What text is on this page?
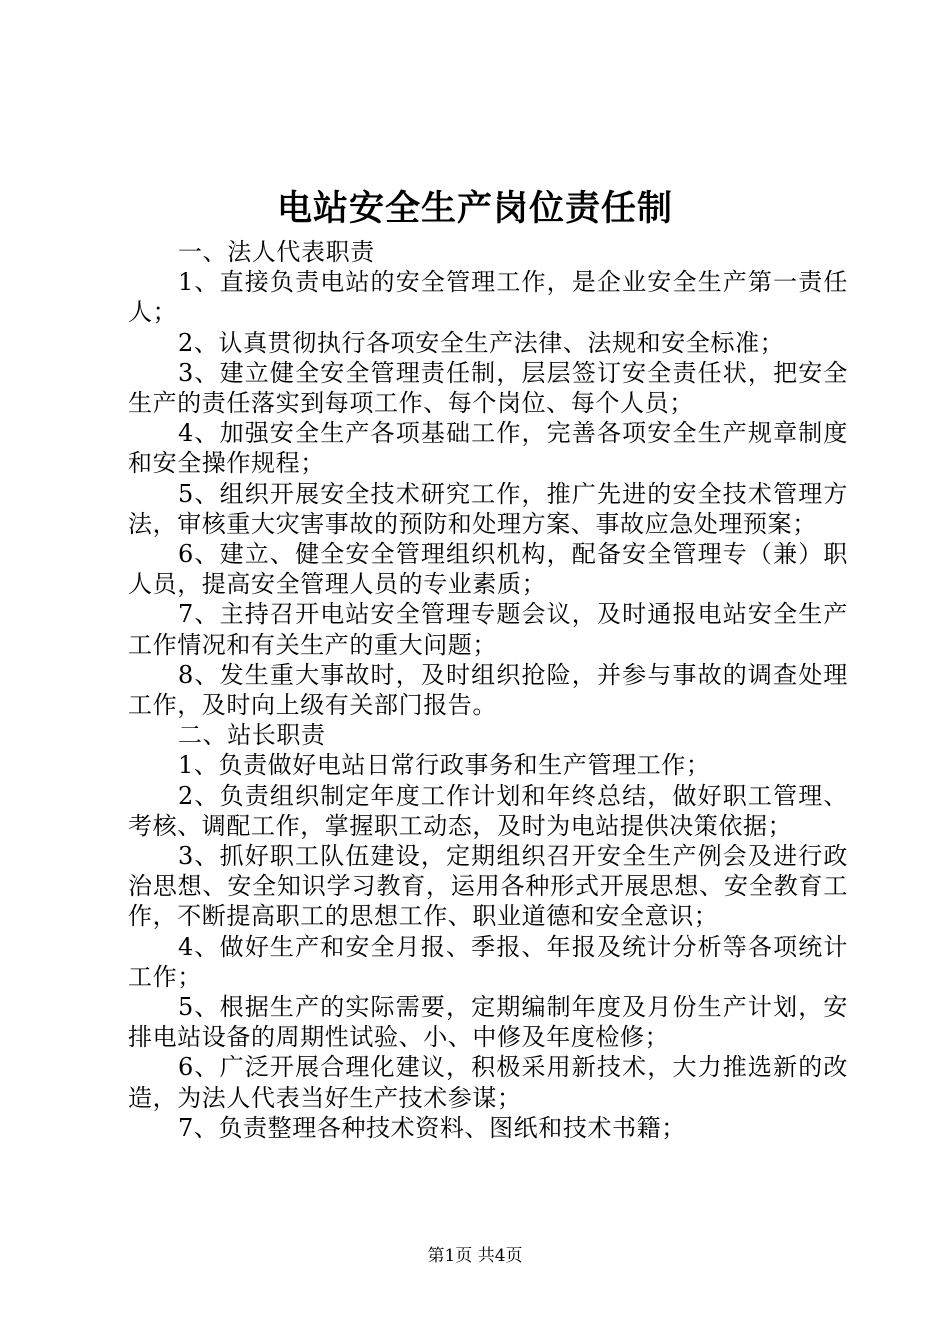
电站安全生产岗位责任制

一、法人代表职责

1、直接负责电站的安全管理工作，是企业安全生产第一责任人；

2、认真贯彻执行各项安全生产法律、法规和安全标准；

3、建立健全安全管理责任制，层层签订安全责任状，把安全生产的责任落实到每项工作、每个岗位、每个人员；

4、加强安全生产各项基础工作，完善各项安全生产规章制度和安全操作规程；

5、组织开展安全技术研究工作，推广先进的安全技术管理方法，审核重大灾害事故的预防和处理方案、事故应急处理预案；

6、建立、健全安全管理组织机构，配备安全管理专（兼）职人员，提高安全管理人员的专业素质；

7、主持召开电站安全管理专题会议，及时通报电站安全生产工作情况和有关生产的重大问题；

8、发生重大事故时，及时组织抢险，并参与事故的调查处理工作，及时向上级有关部门报告。

二、站长职责

1、负责做好电站日常行政事务和生产管理工作；

2、负责组织制定年度工作计划和年终总结，做好职工管理、考核、调配工作，掌握职工动态，及时为电站提供决策依据；

3、抓好职工队伍建设，定期组织召开安全生产例会及进行政治思想、安全知识学习教育，运用各种形式开展思想、安全教育工作，不断提高职工的思想工作、职业道德和安全意识；

4、做好生产和安全月报、季报、年报及统计分析等各项统计工作；

5、根据生产的实际需要，定期编制年度及月份生产计划，安排电站设备的周期性试验、小、中修及年度检修；

6、广泛开展合理化建议，积极采用新技术，大力推选新的改造，为法人代表当好生产技术参谋；

7、负责整理各种技术资料、图纸和技术书籍；

第1页 共4页
